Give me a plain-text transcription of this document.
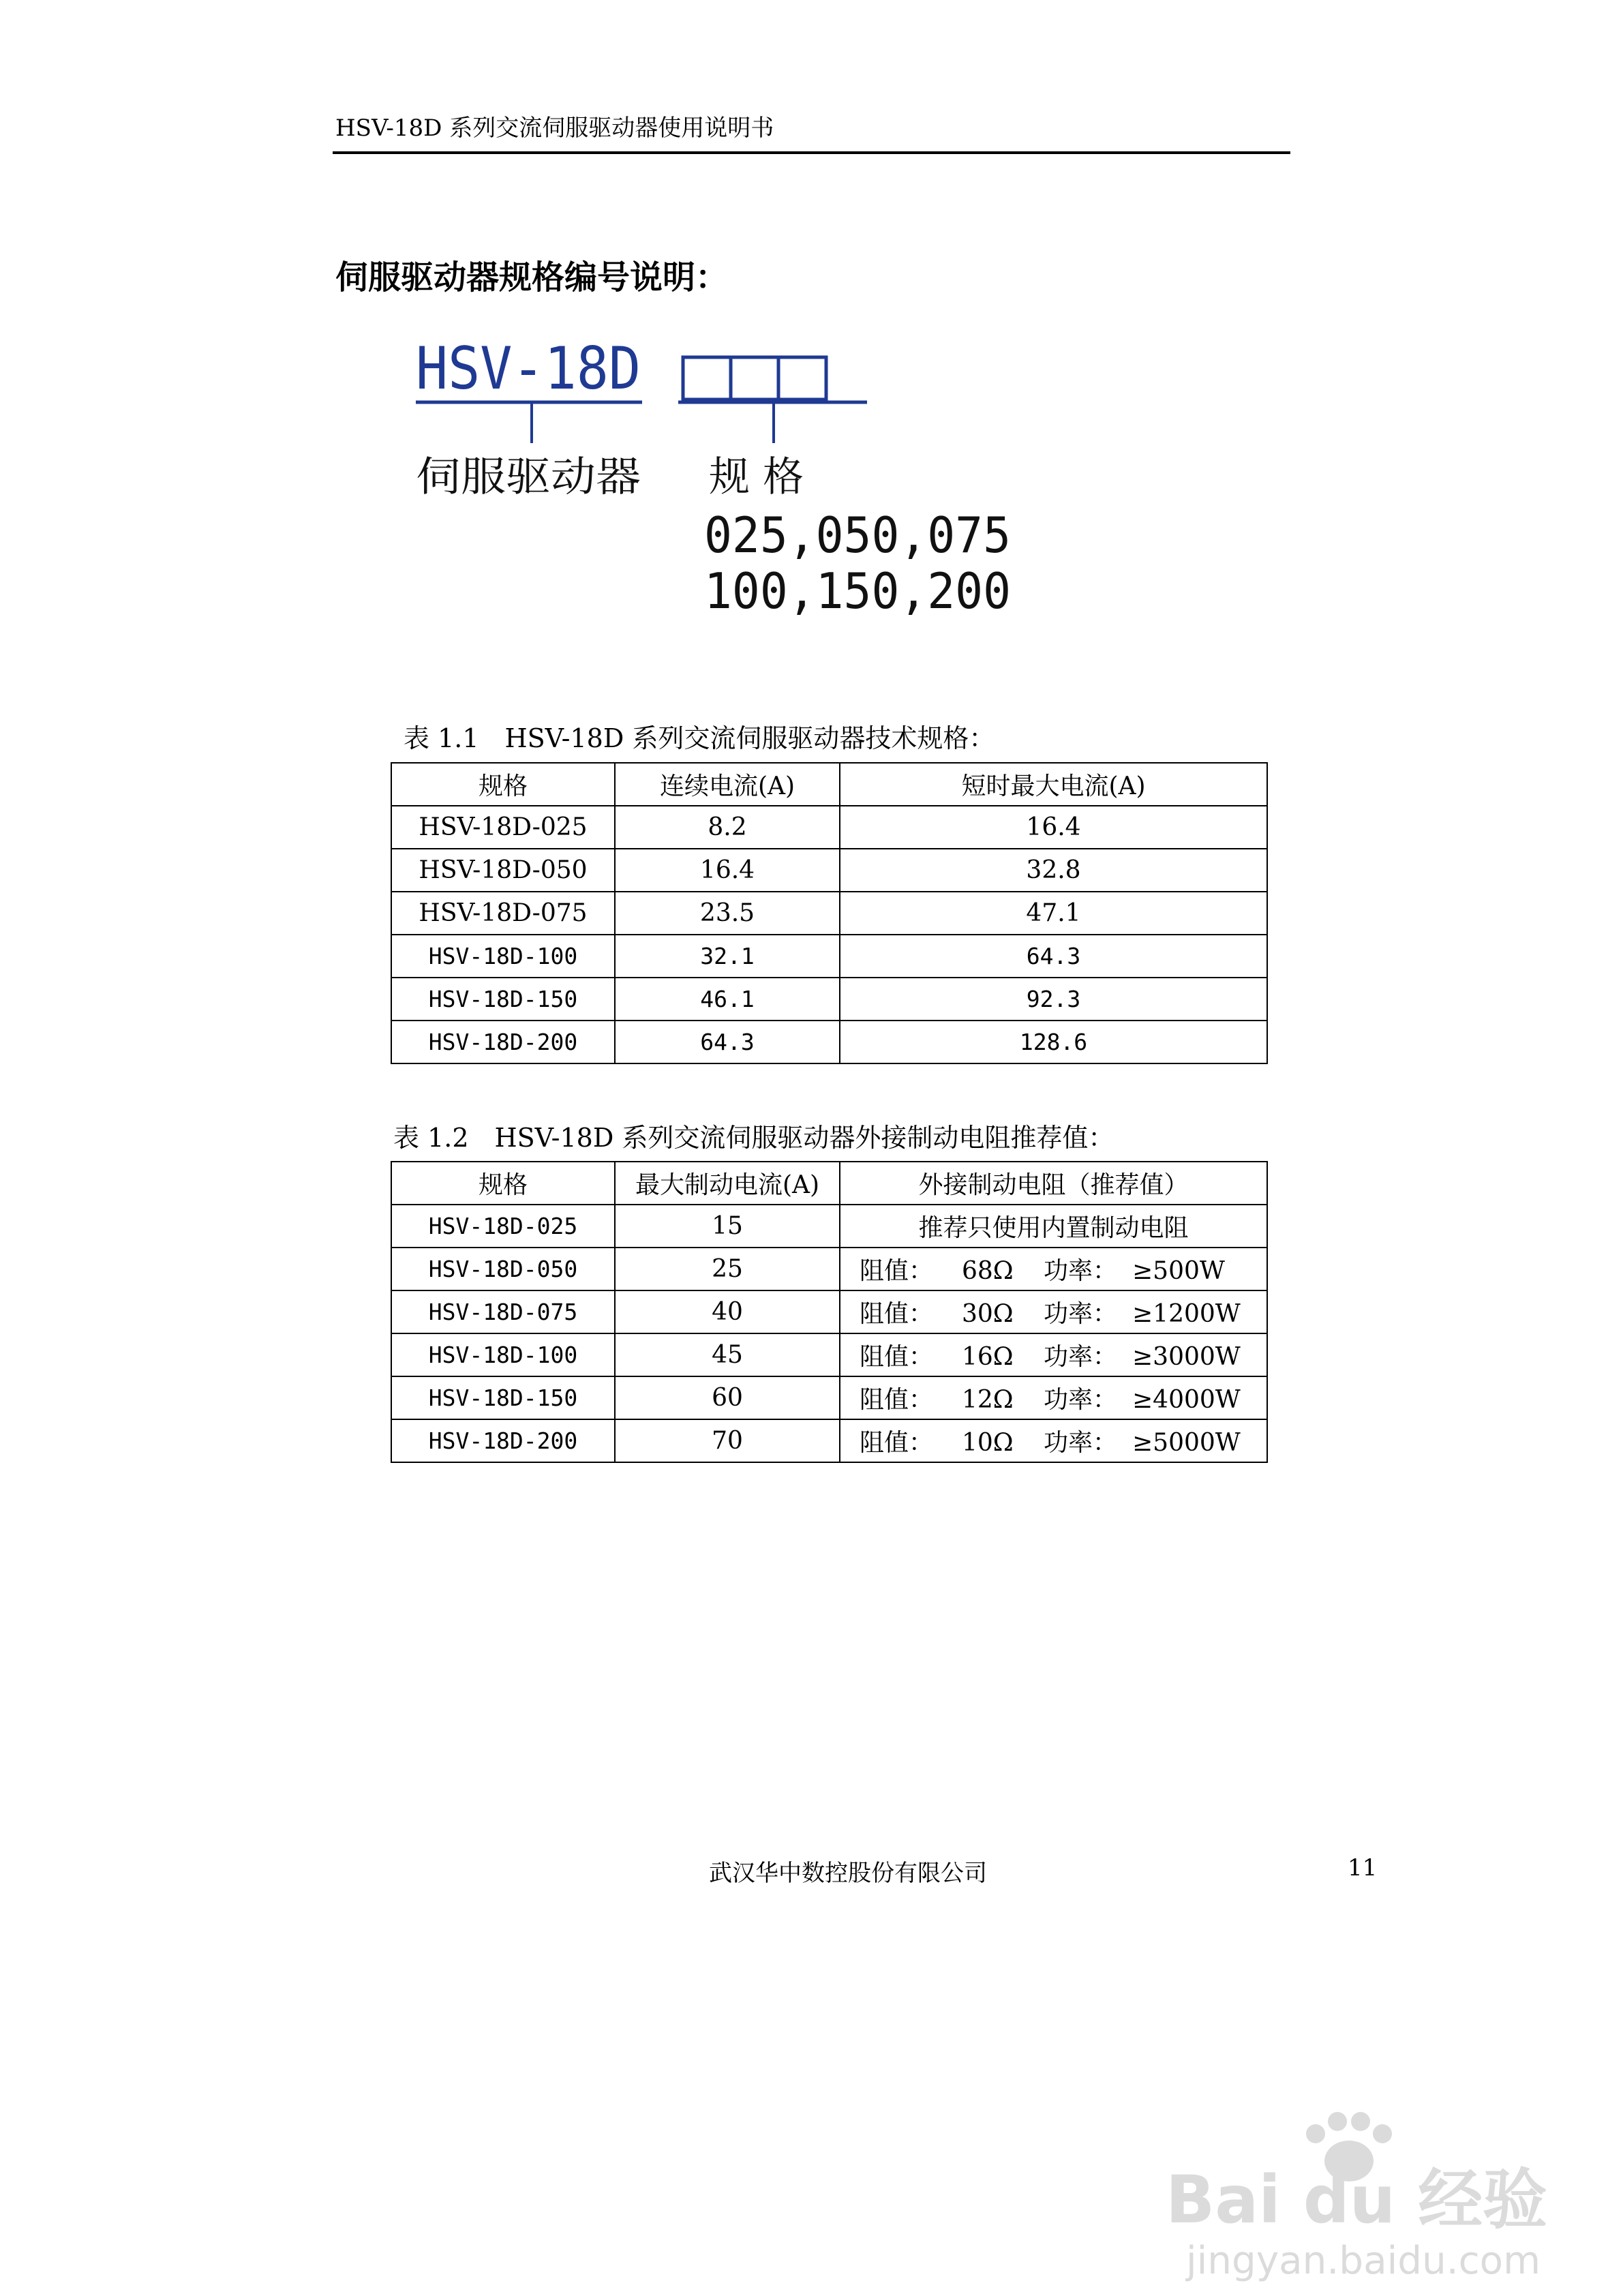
HSV-18D 系列交流伺服驱动器使用说明书
伺服驱动器规格编号说明：
HSV-18D
伺服驱动器 规 格
025,050,075
100,150,200
表 1.1　HSV-18D 系列交流伺服驱动器技术规格：
规格	连续电流(A)	短时最大电流(A)
HSV-18D-025	8.2	16.4
HSV-18D-050	16.4	32.8
HSV-18D-075	23.5	47.1
HSV-18D-100	32.1	64.3
HSV-18D-150	46.1	92.3
HSV-18D-200	64.3	128.6
表 1.2　HSV-18D 系列交流伺服驱动器外接制动电阻推荐值：
规格	最大制动电流(A)	外接制动电阻（推荐值）
HSV-18D-025	15	推荐只使用内置制动电阻
HSV-18D-050	25	阻值： 68Ω 功率： ≥500W
HSV-18D-075	40	阻值： 30Ω 功率： ≥1200W
HSV-18D-100	45	阻值： 16Ω 功率： ≥3000W
HSV-18D-150	60	阻值： 12Ω 功率： ≥4000W
HSV-18D-200	70	阻值： 10Ω 功率： ≥5000W
武汉华中数控股份有限公司	11
Bai du 经验
jingyan.baidu.com
